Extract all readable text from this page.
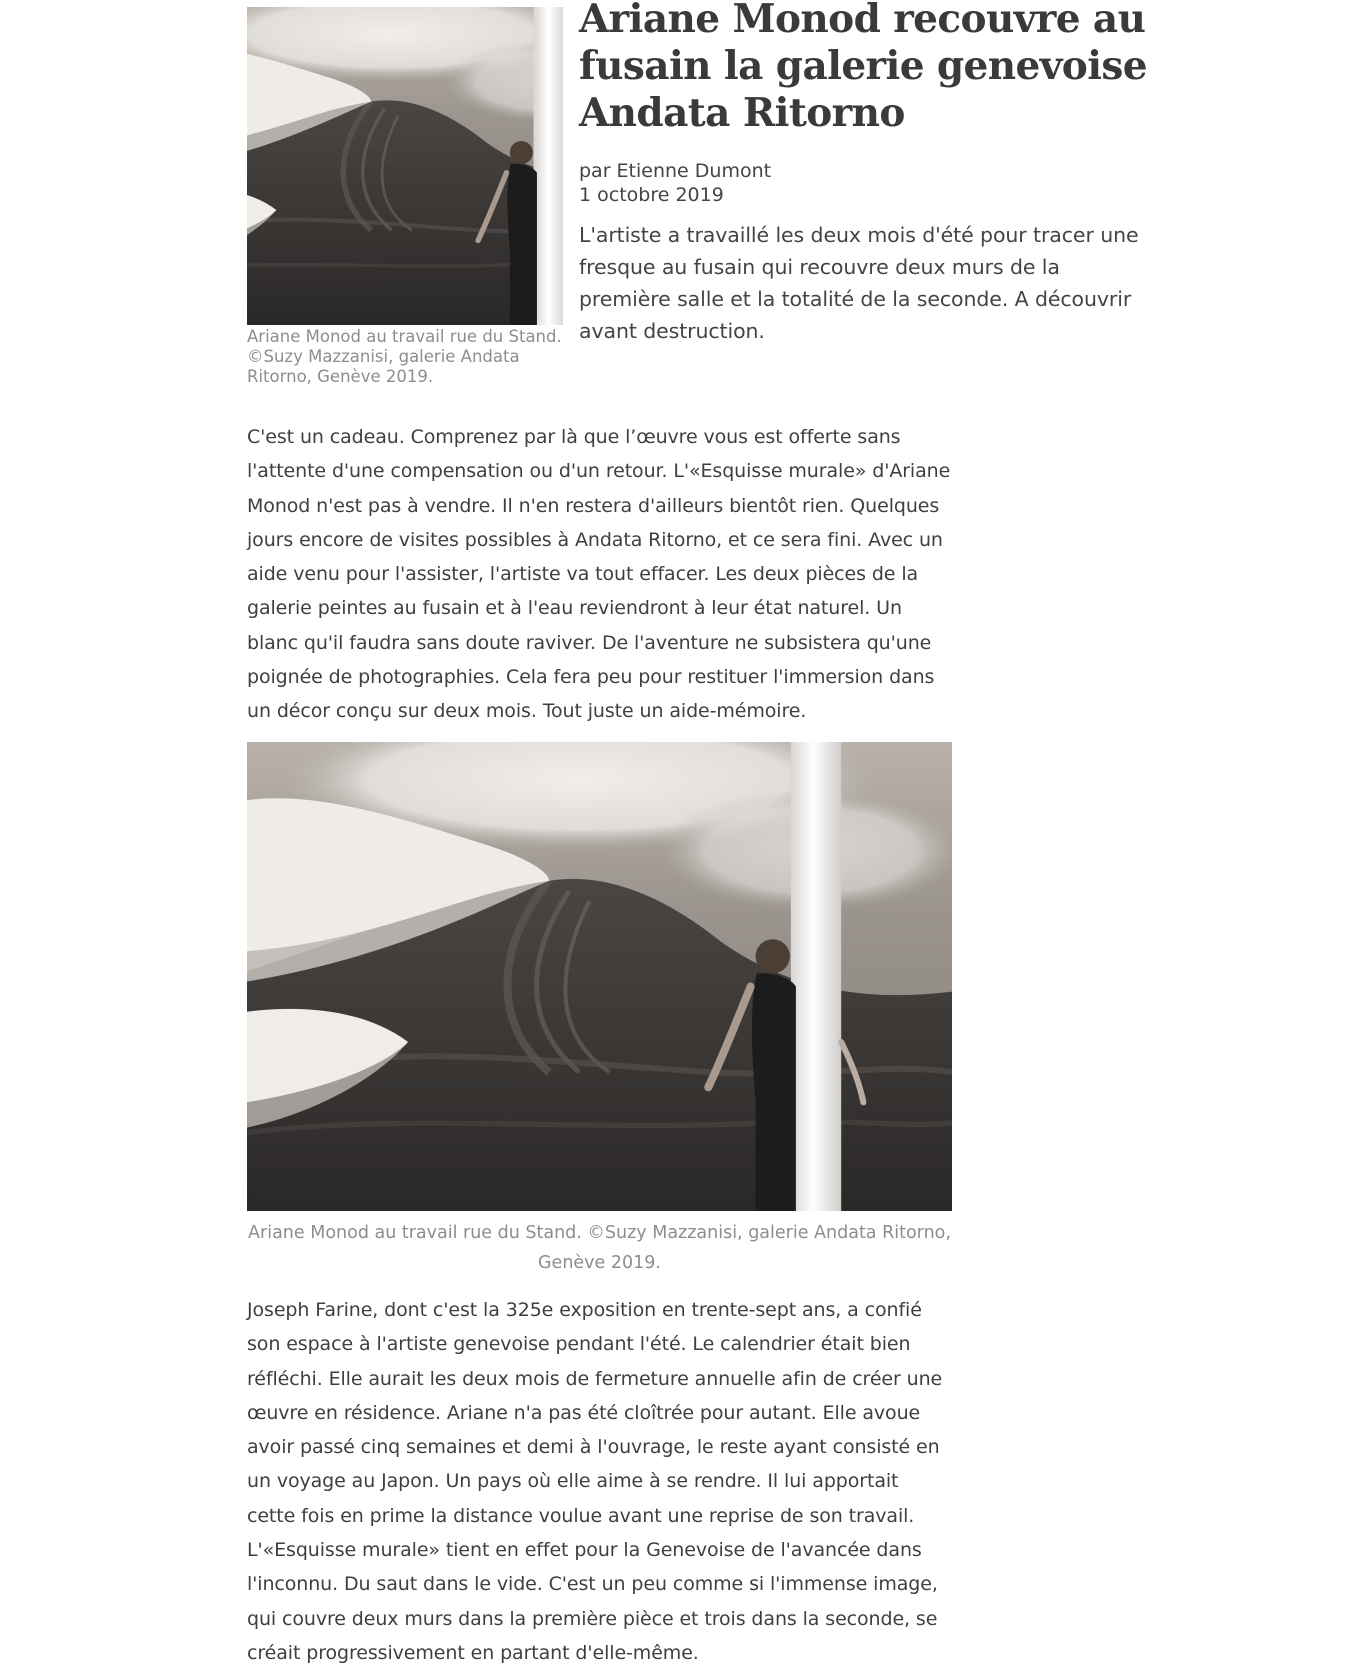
Ariane Monod au travail rue du Stand. ©Suzy Mazzanisi, galerie Andata Ritorno, Genève 2019.
Ariane Monod recouvre au fusain la galerie genevoise Andata Ritorno
par Etienne Dumont
1 octobre 2019
L'artiste a travaillé les deux mois d'été pour tracer une fresque au fusain qui recouvre deux murs de la première salle et la totalité de la seconde. A découvrir avant destruction.

C'est un cadeau. Comprenez par là que l’œuvre vous est offerte sans l'attente d'une compensation ou d'un retour. L'«Esquisse murale» d'Ariane Monod n'est pas à vendre. Il n'en restera d'ailleurs bientôt rien. Quelques jours encore de visites possibles à Andata Ritorno, et ce sera fini. Avec un aide venu pour l'assister, l'artiste va tout effacer. Les deux pièces de la galerie peintes au fusain et à l'eau reviendront à leur état naturel. Un blanc qu'il faudra sans doute raviver. De l'aventure ne subsistera qu'une poignée de photographies. Cela fera peu pour restituer l'immersion dans un décor conçu sur deux mois. Tout juste un aide-mémoire.

Ariane Monod au travail rue du Stand. ©Suzy Mazzanisi, galerie Andata Ritorno, Genève 2019.

Joseph Farine, dont c'est la 325e exposition en trente-sept ans, a confié son espace à l'artiste genevoise pendant l'été. Le calendrier était bien réfléchi. Elle aurait les deux mois de fermeture annuelle afin de créer une œuvre en résidence. Ariane n'a pas été cloîtrée pour autant. Elle avoue avoir passé cinq semaines et demi à l'ouvrage, le reste ayant consisté en un voyage au Japon. Un pays où elle aime à se rendre. Il lui apportait cette fois en prime la distance voulue avant une reprise de son travail. L'«Esquisse murale» tient en effet pour la Genevoise de l'avancée dans l'inconnu. Du saut dans le vide. C'est un peu comme si l'immense image, qui couvre deux murs dans la première pièce et trois dans la seconde, se créait progressivement en partant d'elle-même.
